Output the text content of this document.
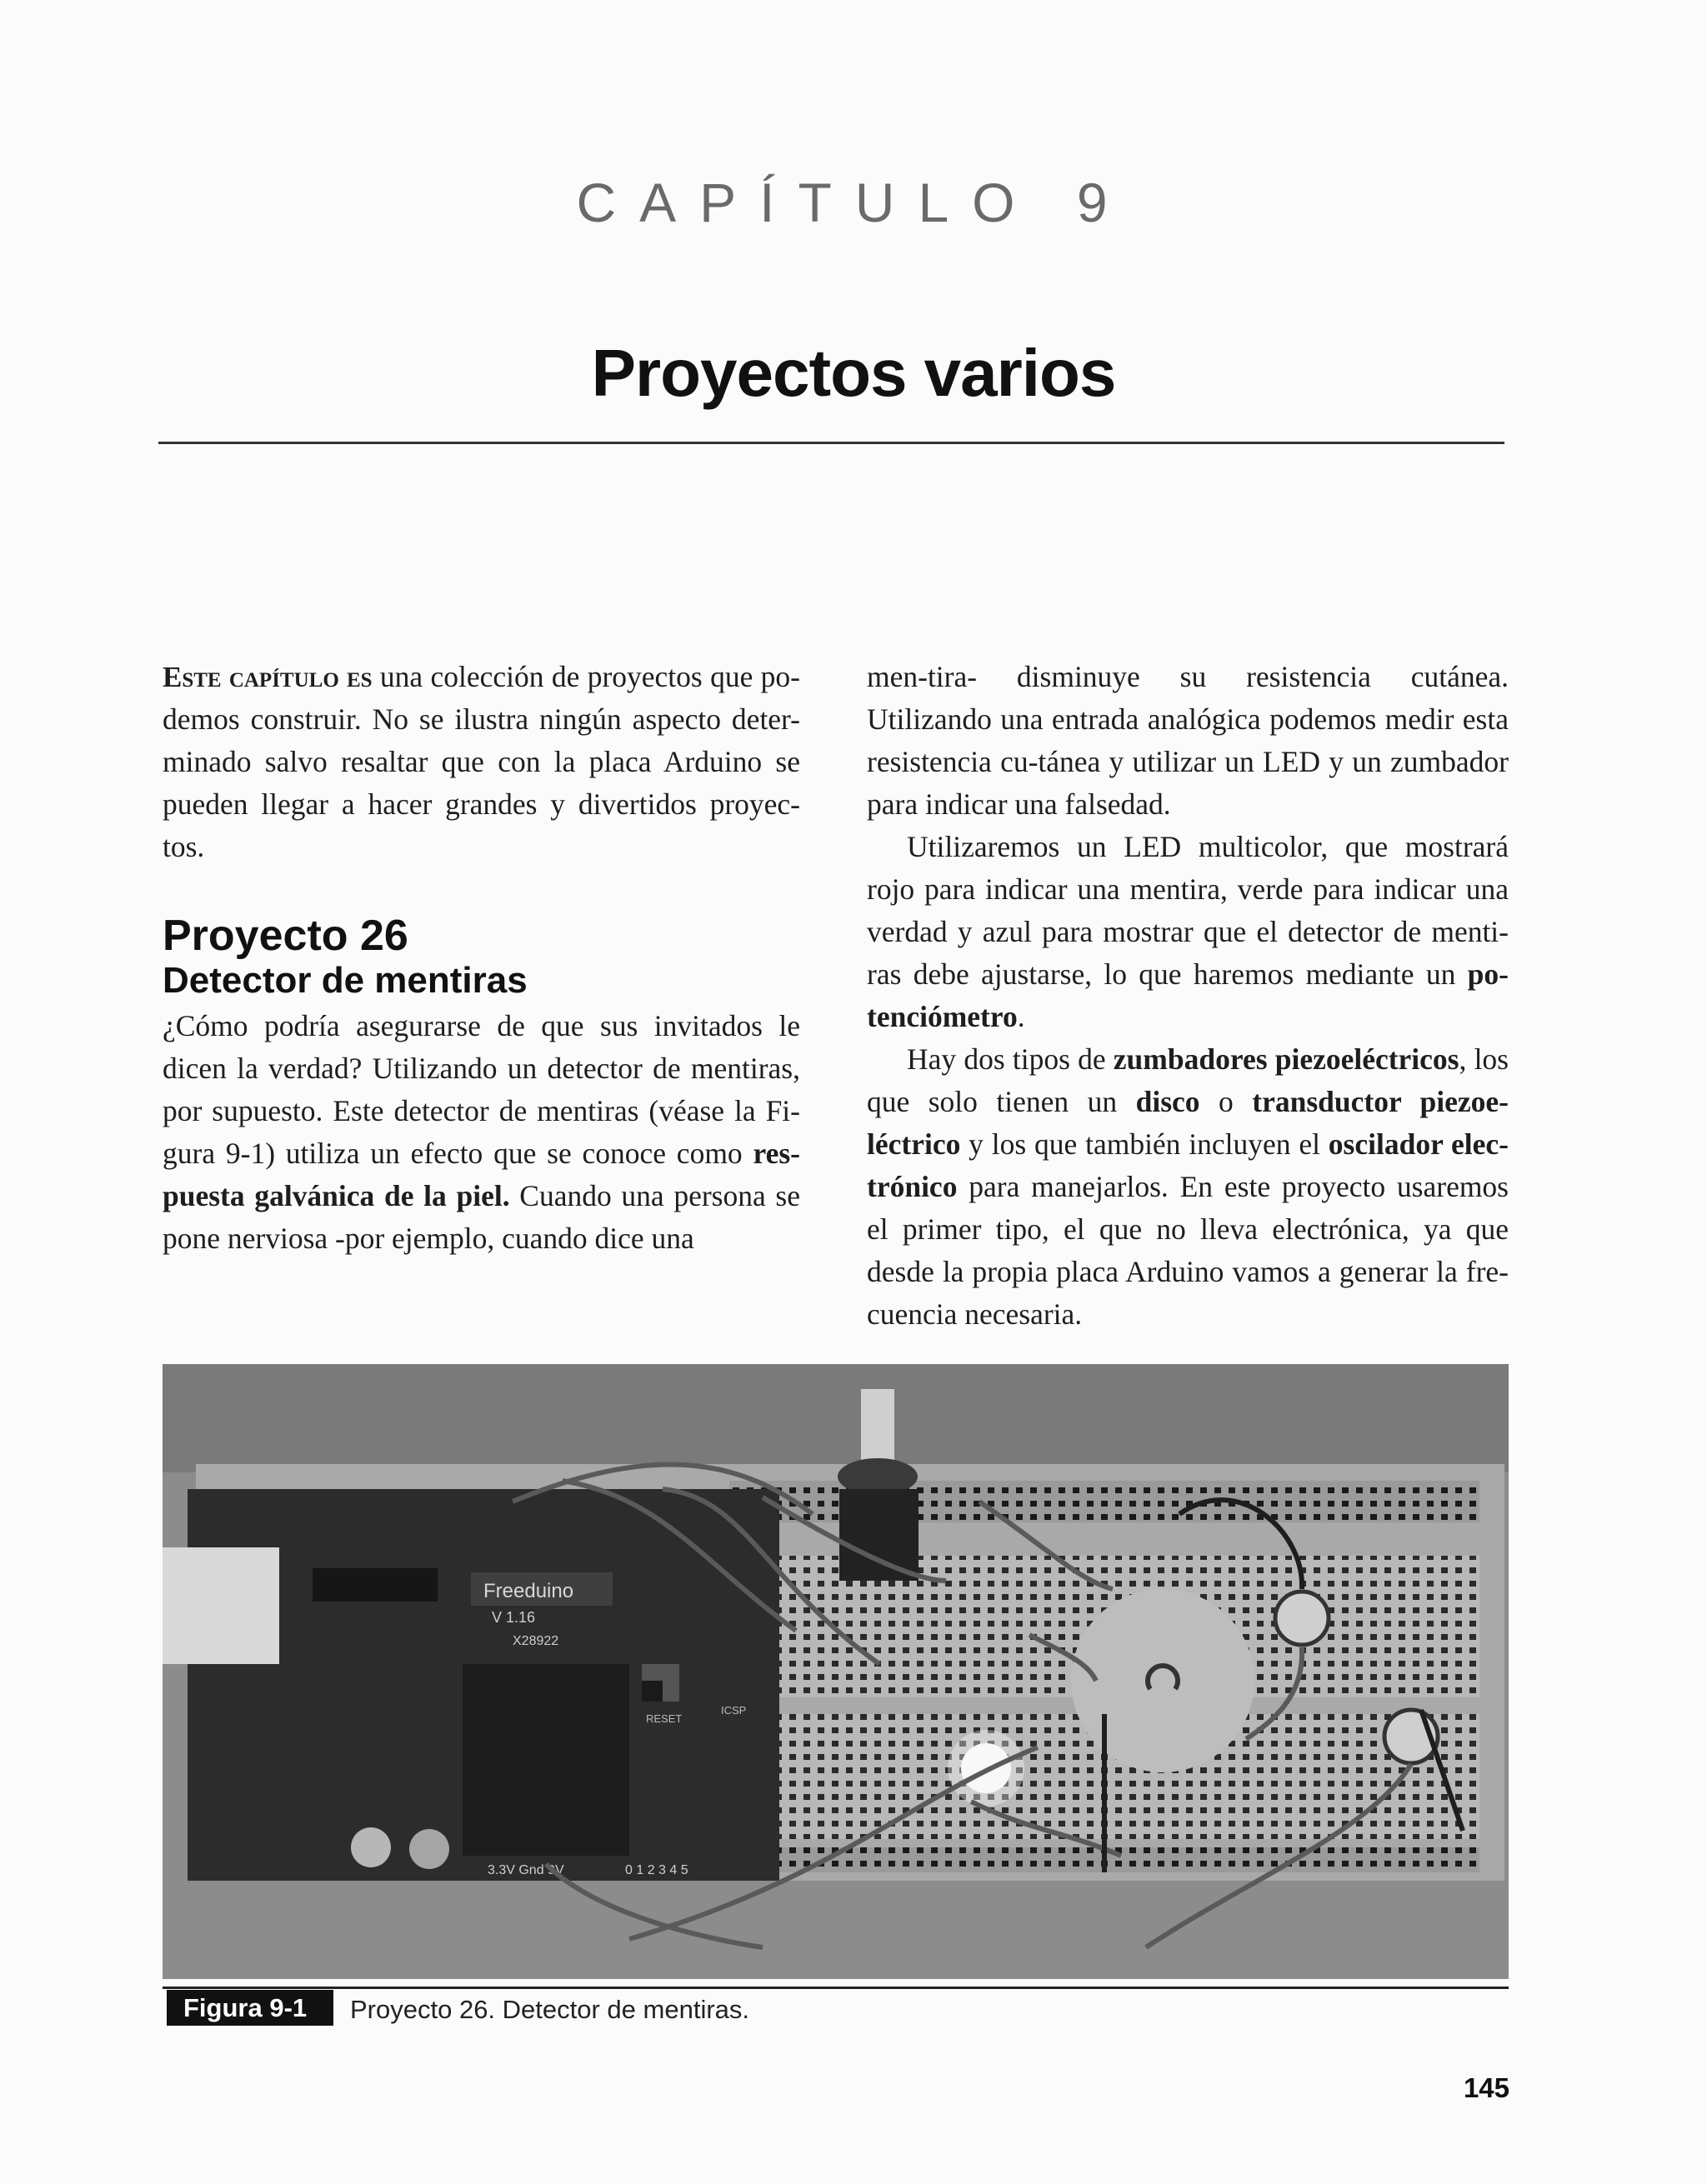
CAPÍTULO 9
Proyectos varios

Este capítulo es una colección de proyectos que po-demos construir. No se ilustra ningún aspecto deter-minado salvo resaltar que con la placa Arduino se pueden llegar a hacer grandes y divertidos proyec-tos.

Proyecto 26
Detector de mentiras

¿Cómo podría asegurarse de que sus invitados le dicen la verdad? Utilizando un detector de mentiras, por supuesto. Este detector de mentiras (véase la Fi-gura 9-1) utiliza un efecto que se conoce como res-puesta galvánica de la piel. Cuando una persona se pone nerviosa -por ejemplo, cuando dice una

Freeduino
V 1.16
X28922
RESET
ICSP
3.3V Gnd 9V	0 1 2 3 4 5
Figura 9-1	Proyecto 26. Detector de mentiras.
145

men-tira- disminuye su resistencia cutánea. Utilizando una entrada analógica podemos medir esta resistencia cu-tánea y utilizar un LED y un zumbador para indicar una falsedad.

Utilizaremos un LED multicolor, que mostrará rojo para indicar una mentira, verde para indicar una verdad y azul para mostrar que el detector de menti-ras debe ajustarse, lo que haremos mediante un po-tenciómetro.

Hay dos tipos de zumbadores piezoeléctricos, los que solo tienen un disco o transductor piezoe-léctrico y los que también incluyen el oscilador elec-trónico para manejarlos. En este proyecto usaremos el primer tipo, el que no lleva electrónica, ya que desde la propia placa Arduino vamos a generar la fre-cuencia necesaria.
